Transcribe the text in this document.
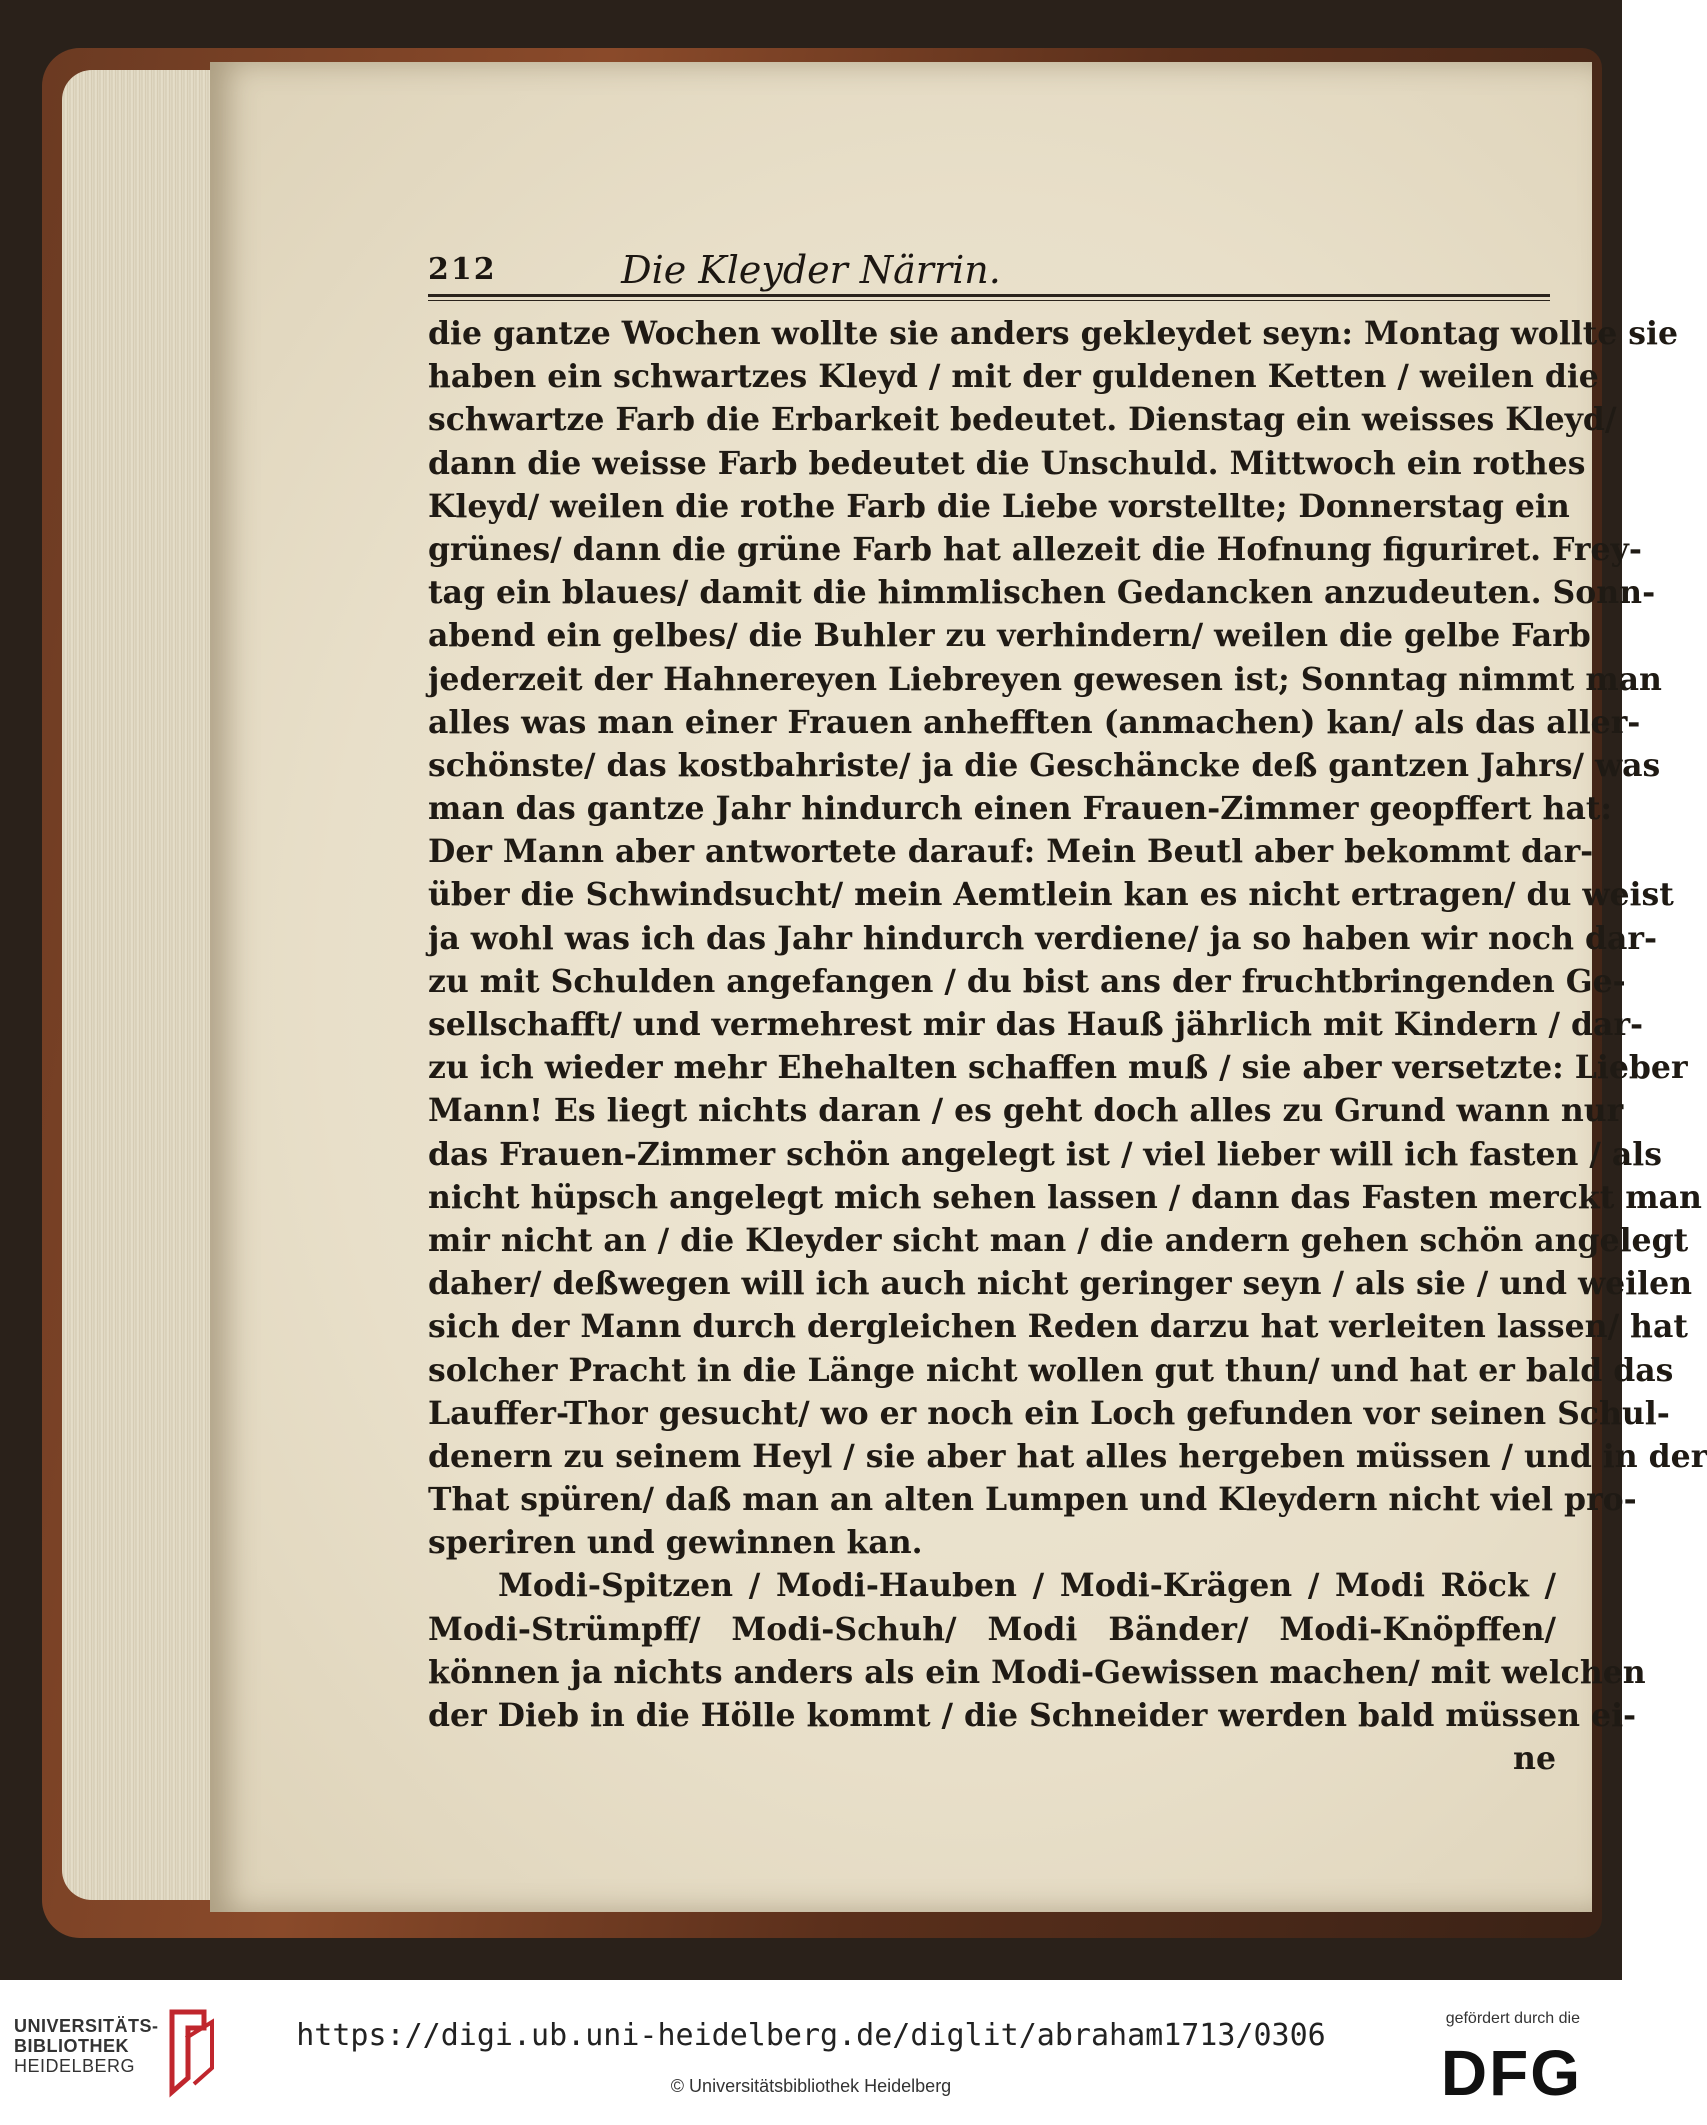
212	Die Kleyder Närrin.
die gantze Wochen wollte sie anders gekleydet seyn: Montag wollte sie
haben ein schwartzes Kleyd / mit der guldenen Ketten / weilen die
schwartze Farb die Erbarkeit bedeutet. Dienstag ein weisses Kleyd/
dann die weisse Farb bedeutet die Unschuld. Mittwoch ein rothes
Kleyd/ weilen die rothe Farb die Liebe vorstellte; Donnerstag ein
grünes/ dann die grüne Farb hat allezeit die Hofnung figuriret. Frey-
tag ein blaues/ damit die himmlischen Gedancken anzudeuten. Sonn-
abend ein gelbes/ die Buhler zu verhindern/ weilen die gelbe Farb
jederzeit der Hahnereyen Liebreyen gewesen ist; Sonntag nimmt man
alles was man einer Frauen anhefften (anmachen) kan/ als das aller-
schönste/ das kostbahriste/ ja die Geschäncke deß gantzen Jahrs/ was
man das gantze Jahr hindurch einen Frauen-Zimmer geopffert hat:
Der Mann aber antwortete darauf: Mein Beutl aber bekommt dar-
über die Schwindsucht/ mein Aemtlein kan es nicht ertragen/ du weist
ja wohl was ich das Jahr hindurch verdiene/ ja so haben wir noch dar-
zu mit Schulden angefangen / du bist ans der fruchtbringenden Ge-
sellschafft/ und vermehrest mir das Hauß jährlich mit Kindern / dar-
zu ich wieder mehr Ehehalten schaffen muß / sie aber versetzte: Lieber
Mann! Es liegt nichts daran / es geht doch alles zu Grund wann nur
das Frauen-Zimmer schön angelegt ist / viel lieber will ich fasten / als
nicht hüpsch angelegt mich sehen lassen / dann das Fasten merckt man
mir nicht an / die Kleyder sicht man / die andern gehen schön angelegt
daher/ deßwegen will ich auch nicht geringer seyn / als sie / und weilen
sich der Mann durch dergleichen Reden darzu hat verleiten lassen/ hat
solcher Pracht in die Länge nicht wollen gut thun/ und hat er bald das
Lauffer-Thor gesucht/ wo er noch ein Loch gefunden vor seinen Schul-
denern zu seinem Heyl / sie aber hat alles hergeben müssen / und in der
That spüren/ daß man an alten Lumpen und Kleydern nicht viel pro-
speriren und gewinnen kan.
Modi-Spitzen / Modi-Hauben / Modi-Krägen / Modi Röck /
Modi-Strümpff/ Modi-Schuh/ Modi Bänder/ Modi-Knöpffen/
können ja nichts anders als ein Modi-Gewissen machen/ mit welchen
der Dieb in die Hölle kommt / die Schneider werden bald müssen ei-
ne
UNIVERSITÄTS-
BIBLIOTHEK
HEIDELBERG
https://digi.ub.uni-heidelberg.de/diglit/abraham1713/0306
© Universitätsbibliothek Heidelberg
gefördert durch die
DFG
